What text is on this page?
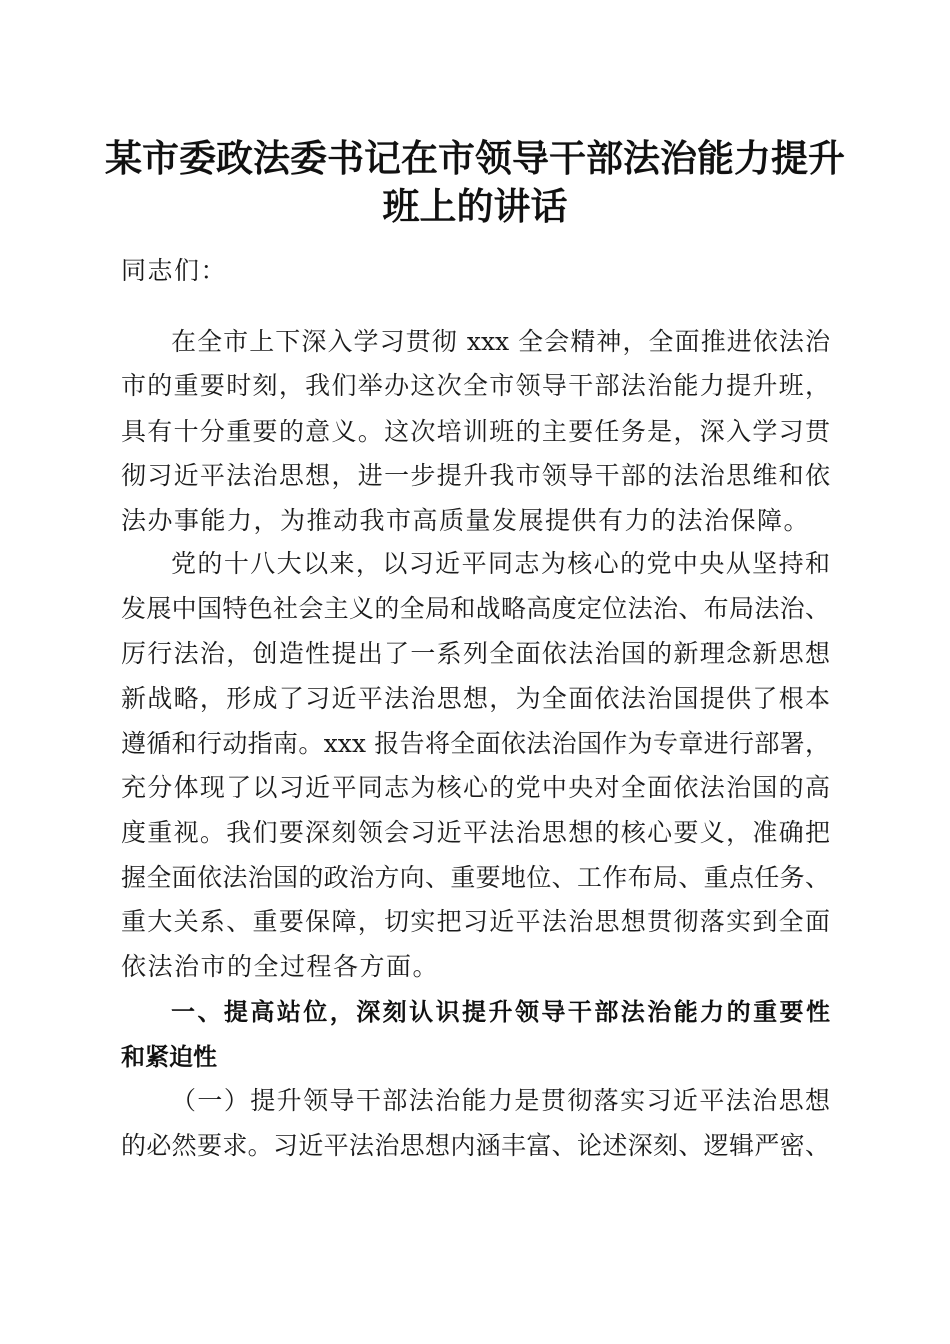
某市委政法委书记在市领导干部法治能力提升
班上的讲话
同志们：
在全市上下深入学习贯彻 xxx 全会精神，全面推进依法治
市的重要时刻，我们举办这次全市领导干部法治能力提升班，
具有十分重要的意义。这次培训班的主要任务是，深入学习贯
彻习近平法治思想，进一步提升我市领导干部的法治思维和依
法办事能力，为推动我市高质量发展提供有力的法治保障。
党的十八大以来，以习近平同志为核心的党中央从坚持和
发展中国特色社会主义的全局和战略高度定位法治、布局法治、
厉行法治，创造性提出了一系列全面依法治国的新理念新思想
新战略，形成了习近平法治思想，为全面依法治国提供了根本
遵循和行动指南。xxx 报告将全面依法治国作为专章进行部署，
充分体现了以习近平同志为核心的党中央对全面依法治国的高
度重视。我们要深刻领会习近平法治思想的核心要义，准确把
握全面依法治国的政治方向、重要地位、工作布局、重点任务、
重大关系、重要保障，切实把习近平法治思想贯彻落实到全面
依法治市的全过程各方面。
一、提高站位，深刻认识提升领导干部法治能力的重要性
和紧迫性
（一）提升领导干部法治能力是贯彻落实习近平法治思想
的必然要求。习近平法治思想内涵丰富、论述深刻、逻辑严密、
